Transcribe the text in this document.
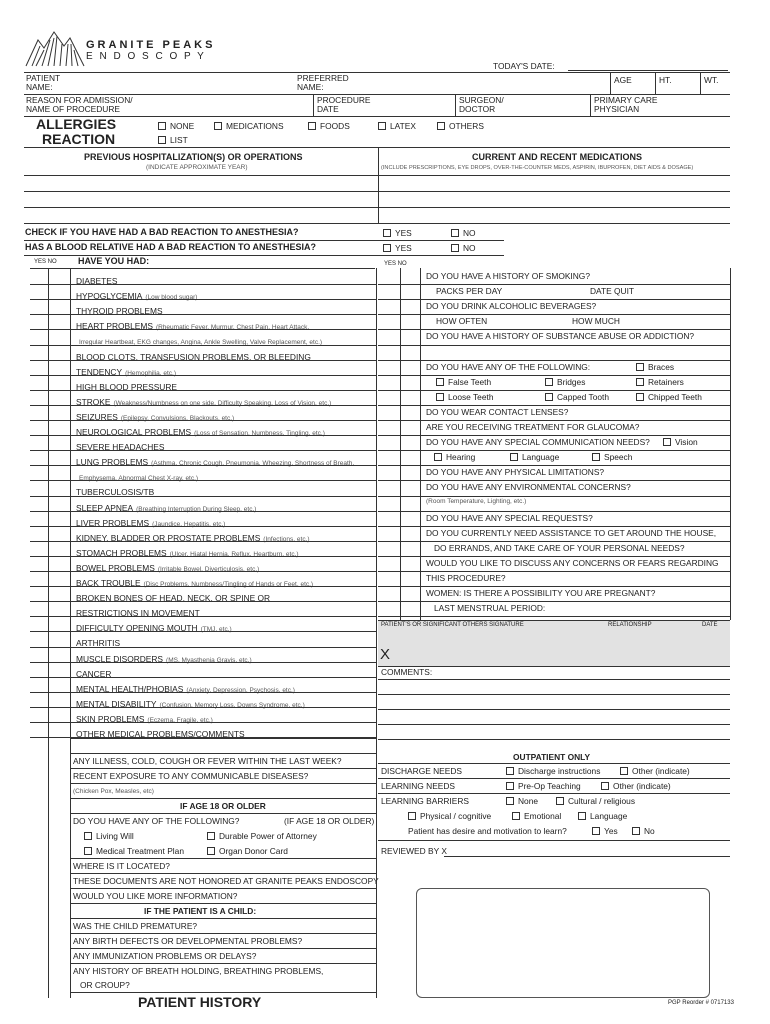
GRANITE PEAKS
E N D O S C O P Y
TODAY'S DATE:
PATIENT
NAME:
PREFERRED
NAME:
AGE	HT.	WT.
REASON FOR ADMISSION/
NAME OF PROCEDURE
PROCEDURE
DATE
SURGEON/
DOCTOR
PRIMARY CARE
PHYSICIAN
ALLERGIES
REACTION
NONE	MEDICATIONS	FOODS	LATEX	OTHERS
LIST
PREVIOUS HOSPITALIZATION(S) OR OPERATIONS
(INDICATE APPROXIMATE YEAR)
CURRENT AND RECENT MEDICATIONS
(INCLUDE PRESCRIPTIONS, EYE DROPS, OVER-THE-COUNTER MEDS, ASPIRIN, IBUPROFEN, DIET AIDS & DOSAGE)
CHECK IF YOU HAVE HAD A BAD REACTION TO ANESTHESIA?	YES	NO
HAS A BLOOD RELATIVE HAD A BAD REACTION TO ANESTHESIA?	YES	NO
YES NO HAVE YOU HAD:	YES NO
DIABETES
HYPOGLYCEMIA (Low blood sugar)
THYROID PROBLEMS
HEART PROBLEMS (Rheumatic Fever, Murmur, Chest Pain, Heart Attack,
Irregular Heartbeat, EKG changes, Angina, Ankle Swelling, Valve Replacement, etc.)
BLOOD CLOTS, TRANSFUSION PROBLEMS, OR BLEEDING
TENDENCY (Hemophilia, etc.)
HIGH BLOOD PRESSURE
STROKE (Weakness/Numbness on one side, Difficulty Speaking, Loss of Vision, etc.)
SEIZURES (Epilepsy, Convulsions, Blackouts, etc.)
NEUROLOGICAL PROBLEMS (Loss of Sensation, Numbness, Tingling, etc.)
SEVERE HEADACHES
LUNG PROBLEMS (Asthma, Chronic Cough, Pneumonia, Wheezing, Shortness of Breath,
Emphysema, Abnormal Chest X-ray, etc.)
TUBERCULOSIS/TB
SLEEP APNEA (Breathing Interruption During Sleep, etc.)
LIVER PROBLEMS (Jaundice, Hepatitis, etc.)
KIDNEY, BLADDER OR PROSTATE PROBLEMS (Infections, etc.)
STOMACH PROBLEMS (Ulcer, Hiatal Hernia, Reflux, Heartburn, etc.)
BOWEL PROBLEMS (Irritable Bowel, Diverticulosis, etc.)
BACK TROUBLE (Disc Problems, Numbness/Tingling of Hands or Feet, etc.)
BROKEN BONES OF HEAD, NECK, OR SPINE OR
RESTRICTIONS IN MOVEMENT
DIFFICULTY OPENING MOUTH (TMJ, etc.)
ARTHRITIS
MUSCLE DISORDERS (MS, Myasthenia Gravis, etc.)
CANCER
MENTAL HEALTH/PHOBIAS (Anxiety, Depression, Psychosis, etc.)
MENTAL DISABILITY (Confusion, Memory Loss, Downs Syndrome, etc.)
SKIN PROBLEMS (Eczema, Fragile, etc.)
OTHER MEDICAL PROBLEMS/COMMENTS
DO YOU HAVE A HISTORY OF SMOKING?
PACKS PER DAY	DATE QUIT
DO YOU DRINK ALCOHOLIC BEVERAGES?
HOW OFTEN	HOW MUCH
DO YOU HAVE A HISTORY OF SUBSTANCE ABUSE OR ADDICTION?
DO YOU HAVE ANY OF THE FOLLOWING:	Braces
False Teeth	Bridges	Retainers
Loose Teeth	Capped Tooth	Chipped Teeth
DO YOU WEAR CONTACT LENSES?
ARE YOU RECEIVING TREATMENT FOR GLAUCOMA?
DO YOU HAVE ANY SPECIAL COMMUNICATION NEEDS?	Vision
Hearing	Language	Speech
DO YOU HAVE ANY PHYSICAL LIMITATIONS?
DO YOU HAVE ANY ENVIRONMENTAL CONCERNS?
(Room Temperature, Lighting, etc.)
DO YOU HAVE ANY SPECIAL REQUESTS?
DO YOU CURRENTLY NEED ASSISTANCE TO GET AROUND THE HOUSE,
DO ERRANDS, AND TAKE CARE OF YOUR PERSONAL NEEDS?
WOULD YOU LIKE TO DISCUSS ANY CONCERNS OR FEARS REGARDING
THIS PROCEDURE?
WOMEN: IS THERE A POSSIBILITY YOU ARE PREGNANT?
LAST MENSTRUAL PERIOD:
PATIENT'S OR SIGNIFICANT OTHERS SIGNATURE	RELATIONSHIP	DATE
X
COMMENTS:
OUTPATIENT ONLY
DISCHARGE NEEDS	Discharge instructions	Other (indicate)
LEARNING NEEDS	Pre-Op Teaching	Other (indicate)
LEARNING BARRIERS	None	Cultural / religious
Physical / cognitive	Emotional	Language
Patient has desire and motivation to learn?	Yes	No
REVIEWED BY X
ANY ILLNESS, COLD, COUGH OR FEVER WITHIN THE LAST WEEK?
RECENT EXPOSURE TO ANY COMMUNICABLE DISEASES?
(Chicken Pox, Measles, etc)
IF AGE 18 OR OLDER
DO YOU HAVE ANY OF THE FOLLOWING?	(IF AGE 18 OR OLDER)
Living Will	Durable Power of Attorney
Medical Treatment Plan	Organ Donor Card
WHERE IS IT LOCATED?
THESE DOCUMENTS ARE NOT HONORED AT GRANITE PEAKS ENDOSCOPY
WOULD YOU LIKE MORE INFORMATION?
IF THE PATIENT IS A CHILD:
WAS THE CHILD PREMATURE?
ANY BIRTH DEFECTS OR DEVELOPMENTAL PROBLEMS?
ANY IMMUNIZATION PROBLEMS OR DELAYS?
ANY HISTORY OF BREATH HOLDING, BREATHING PROBLEMS,
OR CROUP?
PATIENT HISTORY	PGP Reorder # 0717133
